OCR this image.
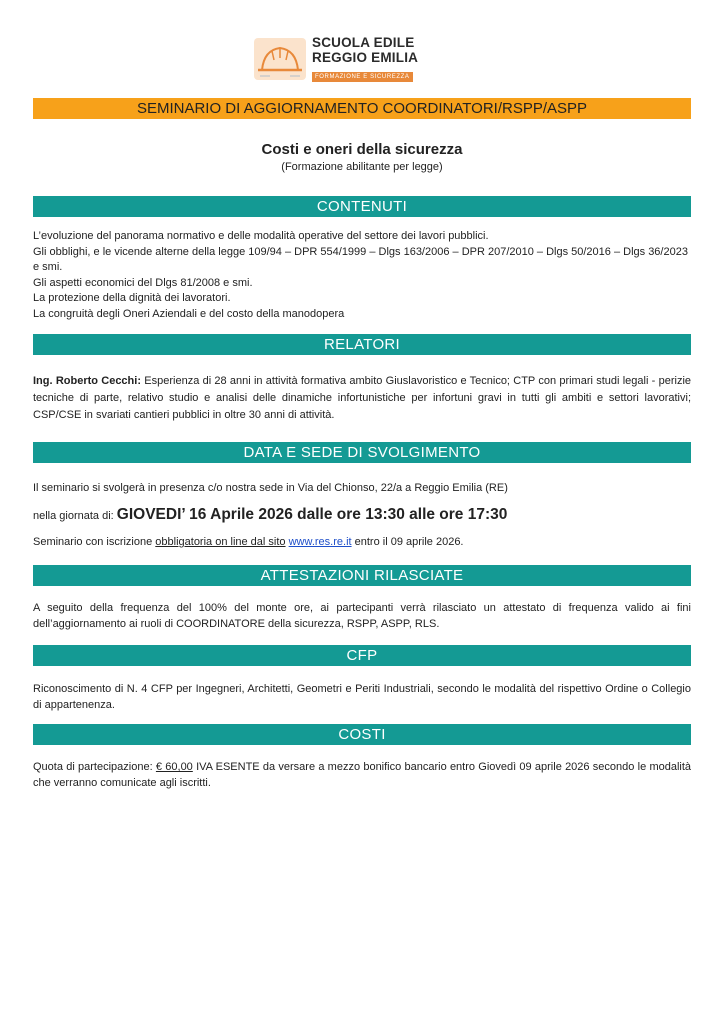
SCUOLA EDILE
REGGIO EMILIA
FORMAZIONE E SICUREZZA
SEMINARIO DI AGGIORNAMENTO COORDINATORI/RSPP/ASPP
Costi e oneri della sicurezza
(Formazione abilitante per legge)
CONTENUTI
L’evoluzione del panorama normativo e delle modalità operative del settore dei lavori pubblici.
Gli obblighi, e le vicende alterne della legge 109/94 – DPR 554/1999 – Dlgs 163/2006 – DPR 207/2010 – Dlgs 50/2016 – Dlgs 36/2023 e smi.
Gli aspetti economici del Dlgs 81/2008 e smi.
La protezione della dignità dei lavoratori.
La congruità degli Oneri Aziendali e del costo della manodopera
RELATORI
Ing. Roberto Cecchi: Esperienza di 28 anni in attività formativa ambito Giuslavoristico e Tecnico; CTP con primari studi legali - perizie tecniche di parte, relativo studio e analisi delle dinamiche infortunistiche per infortuni gravi in tutti gli ambiti e settori lavorativi; CSP/CSE in svariati cantieri pubblici in oltre 30 anni di attività.
DATA E SEDE DI SVOLGIMENTO
Il seminario si svolgerà in presenza c/o nostra sede in Via del Chionso, 22/a a Reggio Emilia (RE)
nella giornata di: GIOVEDI’ 16 Aprile 2026 dalle ore 13:30 alle ore 17:30
Seminario con iscrizione obbligatoria on line dal sito www.res.re.it entro il 09 aprile 2026.
ATTESTAZIONI RILASCIATE
A seguito della frequenza del 100% del monte ore, ai partecipanti verrà rilasciato un attestato di frequenza valido ai fini dell’aggiornamento ai ruoli di COORDINATORE della sicurezza, RSPP, ASPP, RLS.
CFP
Riconoscimento di N. 4 CFP per Ingegneri, Architetti, Geometri e Periti Industriali, secondo le modalità del rispettivo Ordine o Collegio di appartenenza.
COSTI
Quota di partecipazione: € 60,00 IVA ESENTE da versare a mezzo bonifico bancario entro Giovedì 09 aprile 2026 secondo le modalità che verranno comunicate agli iscritti.
